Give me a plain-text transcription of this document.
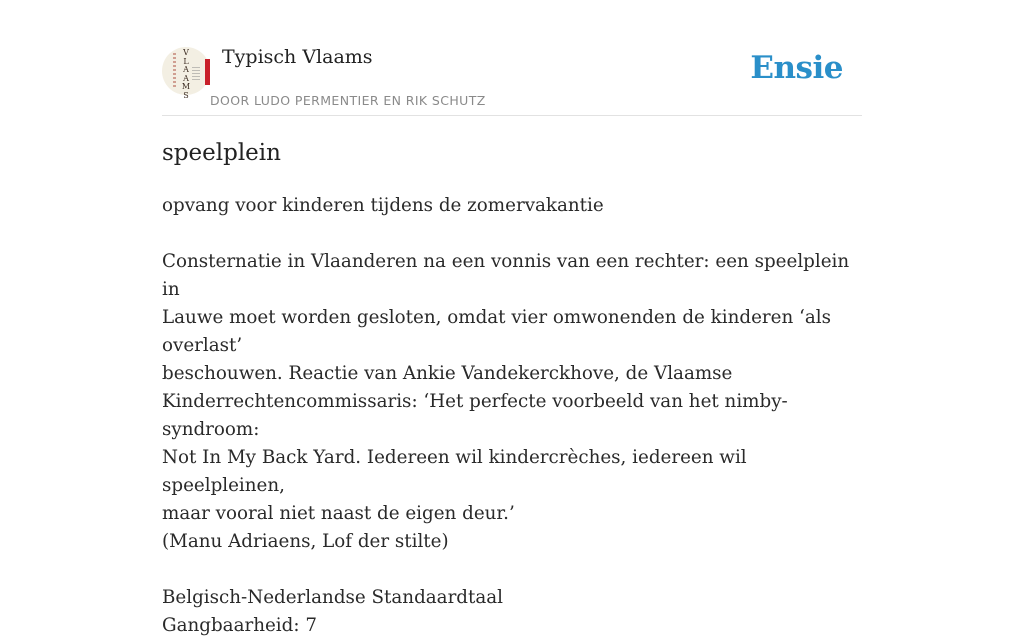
V
L
A
A
M
S
Typisch Vlaams
DOOR LUDO PERMENTIER EN RIK SCHUTZ
Ensie
speelplein

opvang voor kinderen tijdens de zomervakantie

Consternatie in Vlaanderen na een vonnis van een rechter: een speelplein in

Lauwe moet worden gesloten, omdat vier omwonenden de kinderen ‘als overlast’

beschouwen. Reactie van Ankie Vandekerckhove, de Vlaamse

Kinderrechtencommissaris: ‘Het perfecte voorbeeld van het nimby-syndroom:

Not In My Back Yard. Iedereen wil kindercrèches, iedereen wil speelpleinen,

maar vooral niet naast de eigen deur.’

(Manu Adriaens, Lof der stilte)

Belgisch-Nederlandse Standaardtaal

Gangbaarheid: 7
